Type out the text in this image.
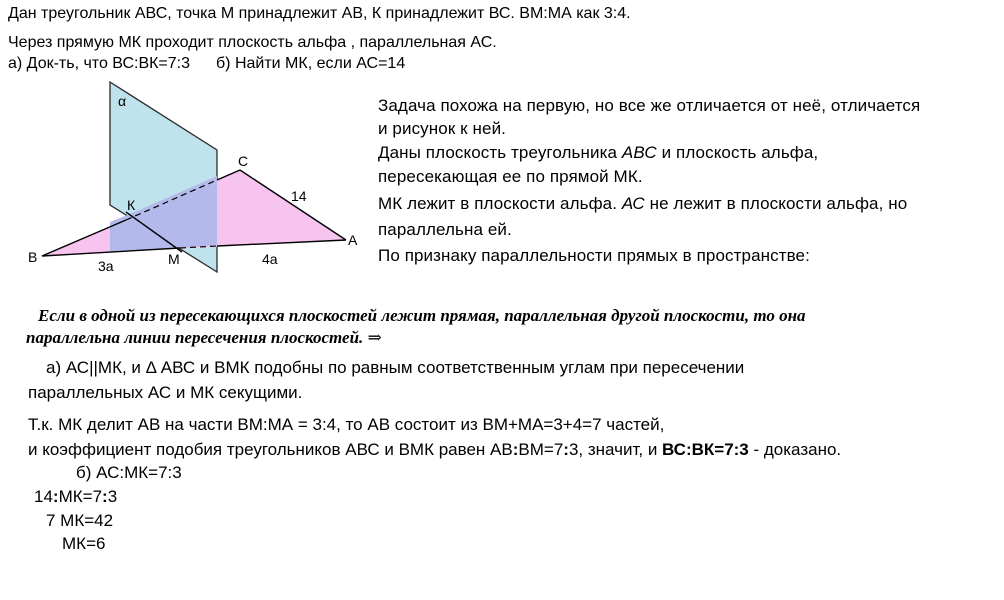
Дан треугольник АВС, точка М принадлежит АВ, К принадлежит ВС. ВМ:МА как 3:4.
Через прямую МК проходит плоскость альфа , параллельная АС.
а) Док-ть, что ВС:ВК=7:3 б) Найти МК, если АС=14
α
С
К
В	М
А
14
3а	4а
Задача похожа на первую, но все же отличается от неё, отличается
и рисунок к ней.
Даны плоскость треугольника АВС и плоскость альфа,
пересекающая ее по прямой МК.
МК лежит в плоскости альфа. АС не лежит в плоскости альфа, но
параллельна ей.
По признаку параллельности прямых в пространстве:
Если в одной из пересекающихся плоскостей лежит прямая, параллельная другой плоскости, то она
параллельна линии пересечения плоскостей. ⇒
а) АС||МК, и Δ АВС и ВМК подобны по равным соответственным углам при пересечении
параллельных АС и МК секущими.
Т.к. МК делит АВ на части ВМ:МА = 3:4, то АВ состоит из ВМ+МА=3+4=7 частей,
и коэффициент подобия треугольников АВС и ВМК равен АВ:ВМ=7:3, значит, и ВС:ВК=7:3 - доказано.
б) АС:МК=7:3
14:МК=7:3
7 МК=42
МК=6
